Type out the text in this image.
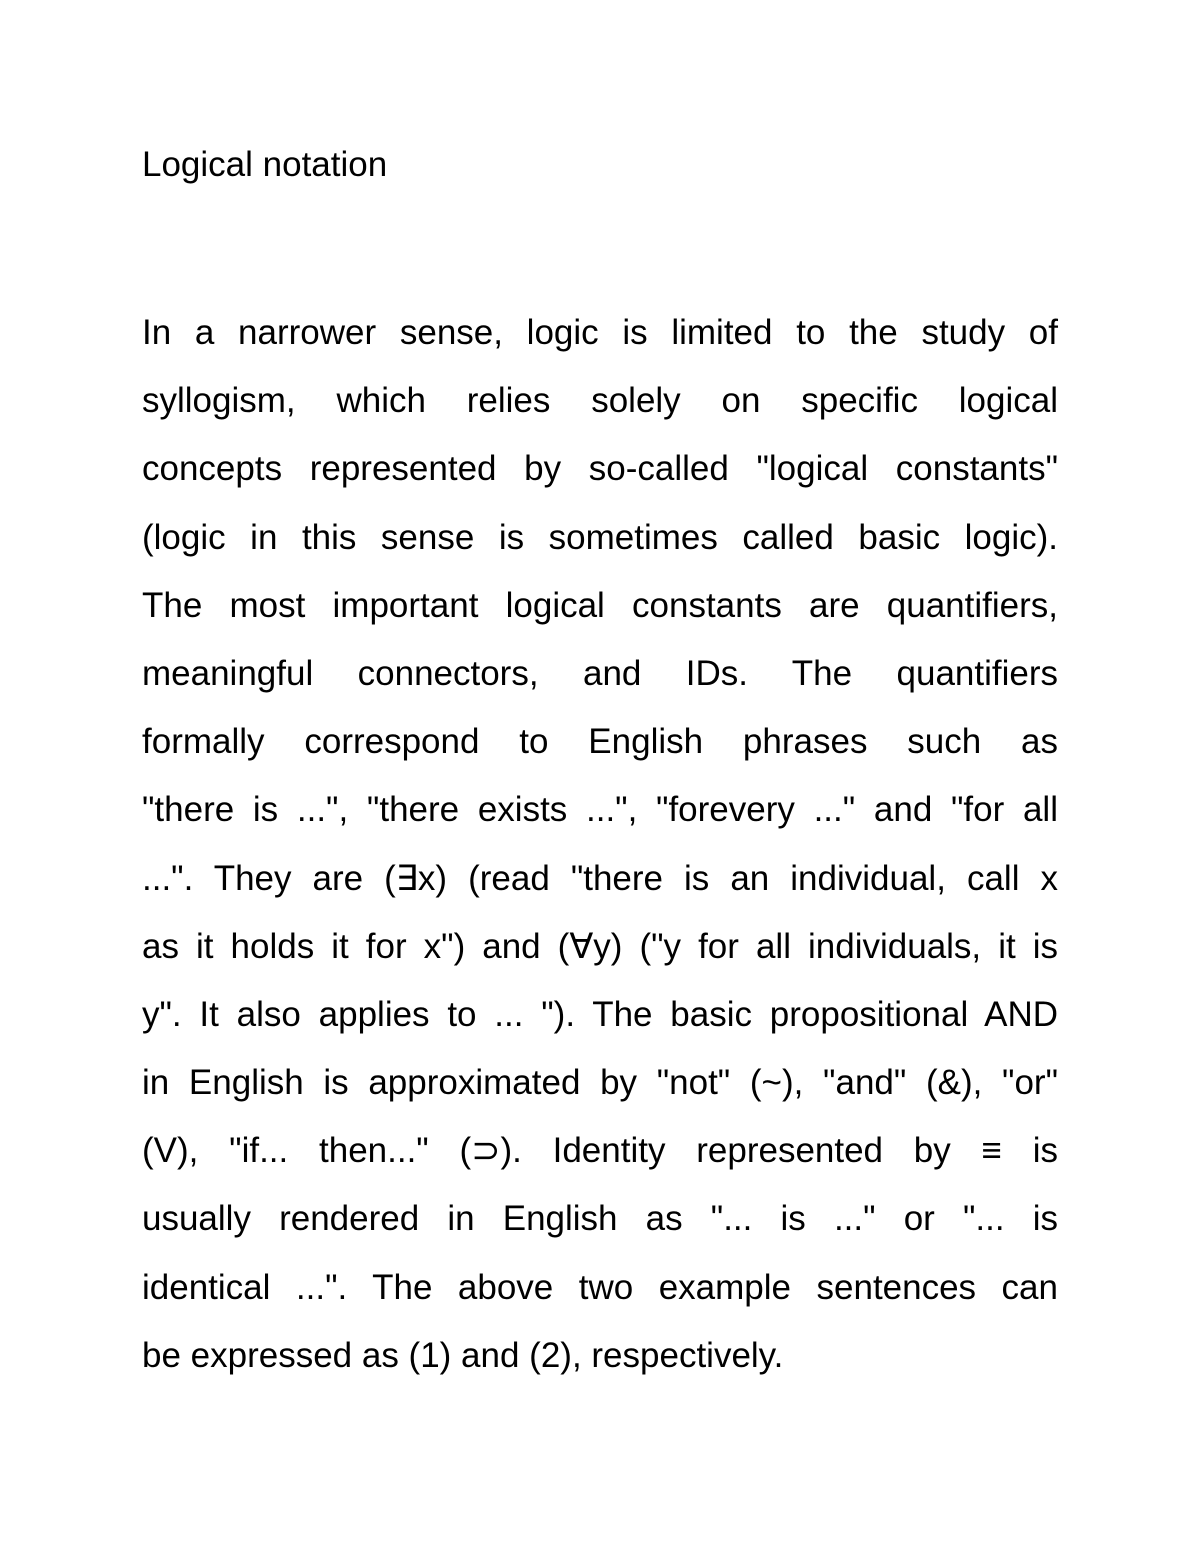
Logical notation
In a narrower sense, logic is limited to the study of
syllogism, which relies solely on specific logical
concepts represented by so-called "logical constants"
(logic in this sense is sometimes called basic logic).
The most important logical constants are quantifiers,
meaningful connectors, and IDs. The quantifiers
formally correspond to English phrases such as
"there is ...", "there exists ...", "forevery ..." and "for all
...". They are (∃x) (read "there is an individual, call x
as it holds it for x") and (∀y) ("y for all individuals, it is
y". It also applies to ... "). The basic propositional AND
in English is approximated by "not" (~), "and" (&), "or"
(V), "if... then..." (⊃). Identity represented by ≡ is
usually rendered in English as "... is ..." or "... is
identical ...". The above two example sentences can
be expressed as (1) and (2), respectively.
